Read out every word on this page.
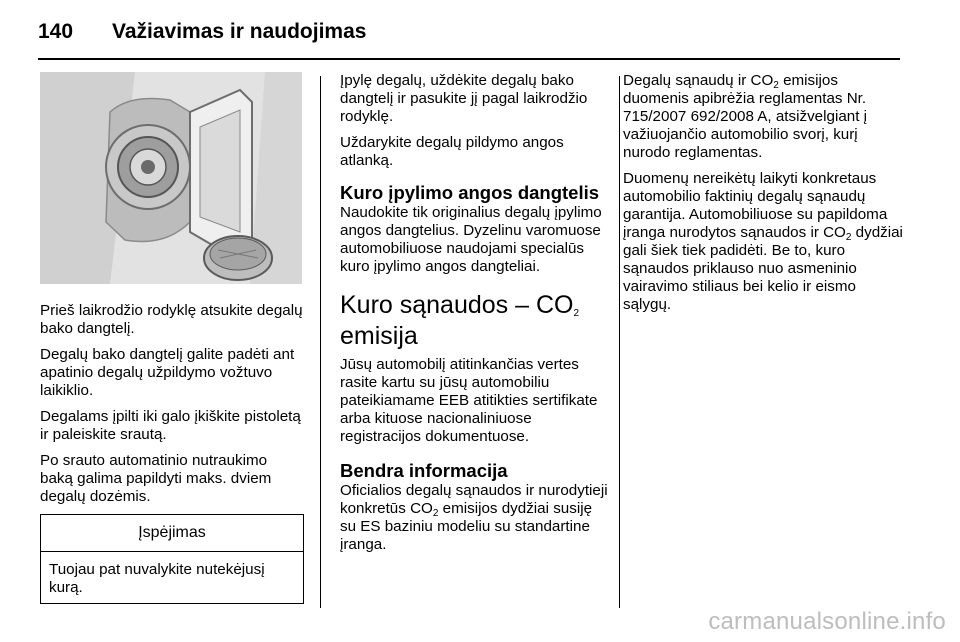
140	Važiavimas ir naudojimas

Prieš laikrodžio rodyklę atsukite degalų bako dangtelį.

Degalų bako dangtelį galite padėti ant apatinio degalų užpildymo vožtuvo laikiklio.

Degalams įpilti iki galo įkiškite pistoletą ir paleiskite srautą.

Po srauto automatinio nutraukimo baką galima papildyti maks. dviem degalų dozėmis.

Įspėjimas
Tuojau pat nuvalykite nutekėjusį kurą.

Įpylę degalų, uždėkite degalų bako dangtelį ir pasukite jį pagal laikrodžio rodyklę.

Uždarykite degalų pildymo angos atlanką.

Kuro įpylimo angos dangtelis

Naudokite tik originalius degalų įpylimo angos dangtelius. Dyzelinu varomuose automobiliuose naudojami specialūs kuro įpylimo angos dangteliai.

Kuro sąnaudos – $CO_2$
emisija

Jūsų automobilį atitinkančias vertes rasite kartu su jūsų automobiliu pateikiamame EEB atitikties sertifikate arba kituose nacionaliniuose registracijos dokumentuose.

Bendra informacija

Oficialios degalų sąnaudos ir nurodytieji konkretūs $CO_2$ emisijos dydžiai susiję su ES baziniu modeliu su standartine įranga.

Degalų sąnaudų ir $CO_2$ emisijos duomenis apibrėžia reglamentas Nr. 715/2007 692/2008 A, atsižvelgiant į važiuojančio automobilio svorį, kurį nurodo reglamentas.

Duomenų nereikėtų laikyti konkretaus automobilio faktinių degalų sąnaudų garantija. Automobiliuose su papildoma įranga nurodytos sąnaudos ir $CO_2$ dydžiai gali šiek tiek padidėti. Be to, kuro sąnaudos priklauso nuo asmeninio vairavimo stiliaus bei kelio ir eismo sąlygų.

carmanualsonline.info
